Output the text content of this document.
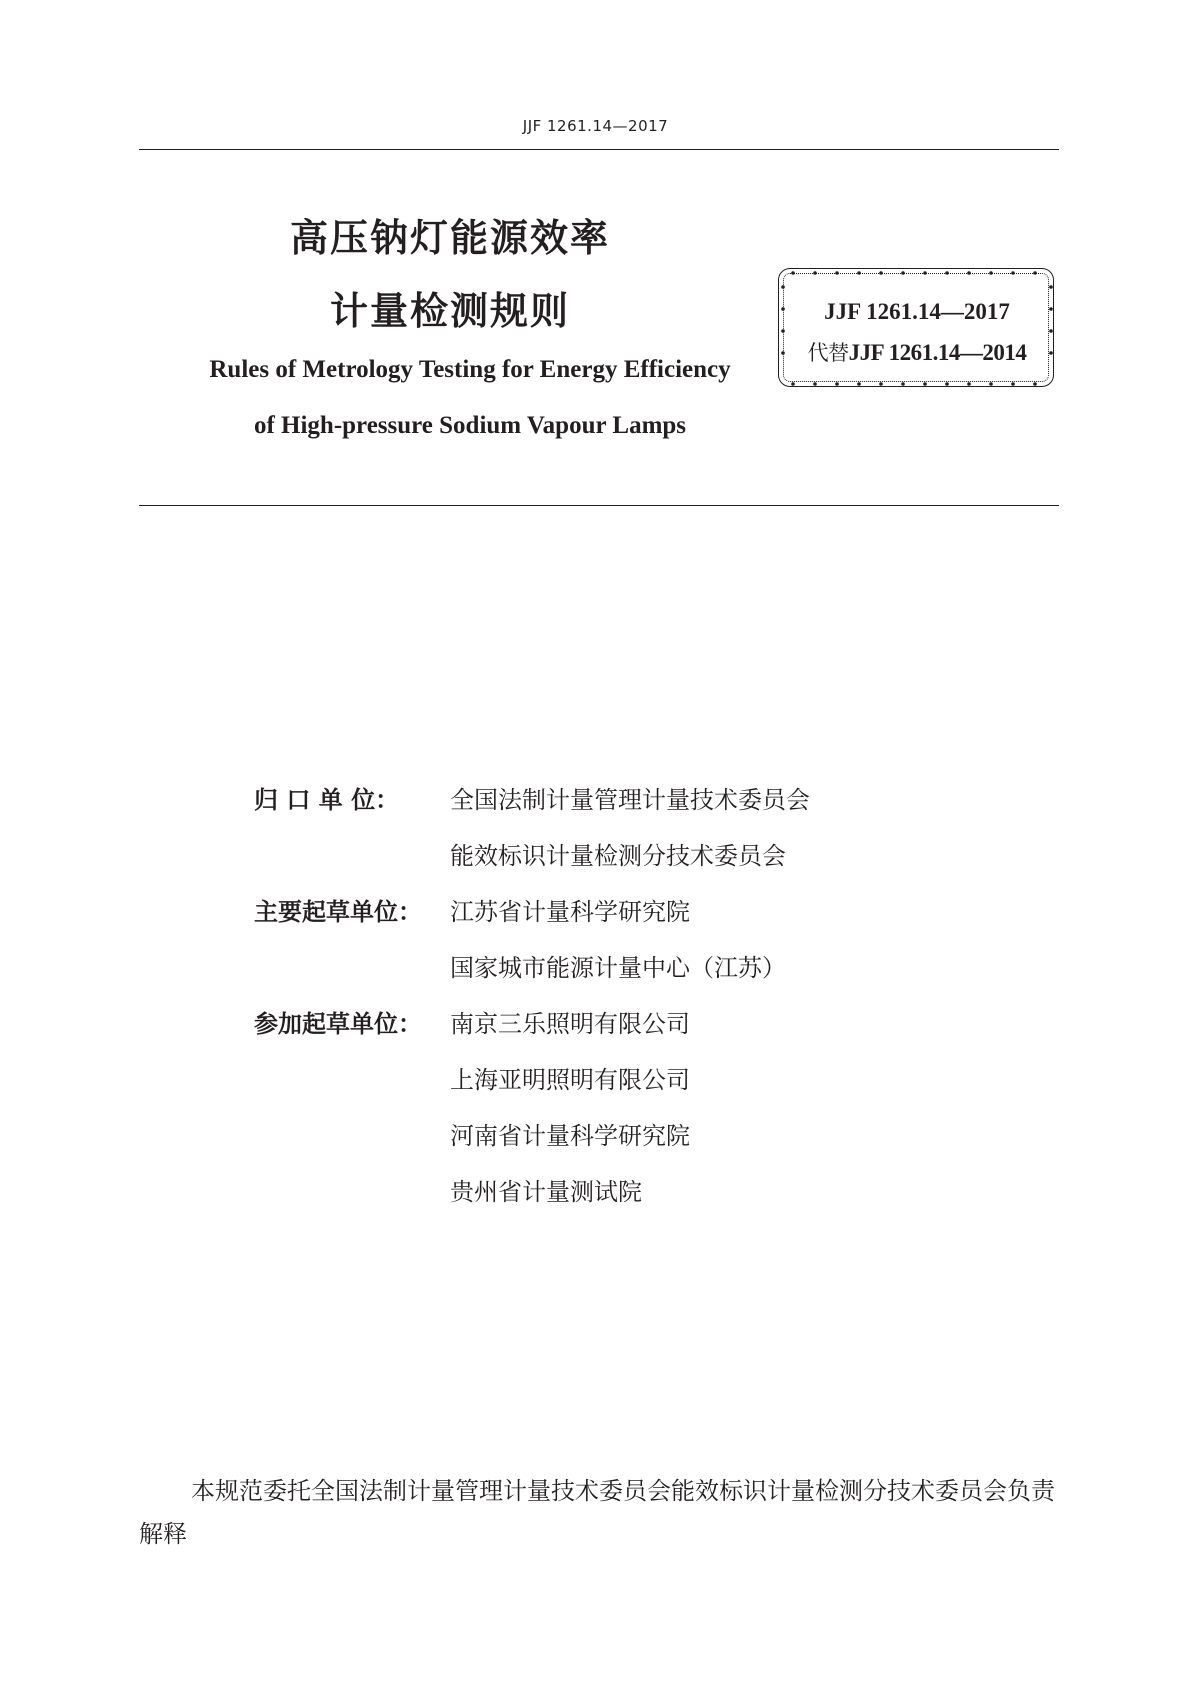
JJF 1261.14—2017
高压钠灯能源效率
计量检测规则
Rules of Metrology Testing for Energy Efficiency
of High-pressure Sodium Vapour Lamps
JJF 1261.14—2017
代替JJF 1261.14—2014
归 口 单 位：	全国法制计量管理计量技术委员会
能效标识计量检测分技术委员会
主要起草单位：	江苏省计量科学研究院
国家城市能源计量中心（江苏）
参加起草单位：	南京三乐照明有限公司
上海亚明照明有限公司
河南省计量科学研究院
贵州省计量测试院
本规范委托全国法制计量管理计量技术委员会能效标识计量检测分技术委员会负责解释
